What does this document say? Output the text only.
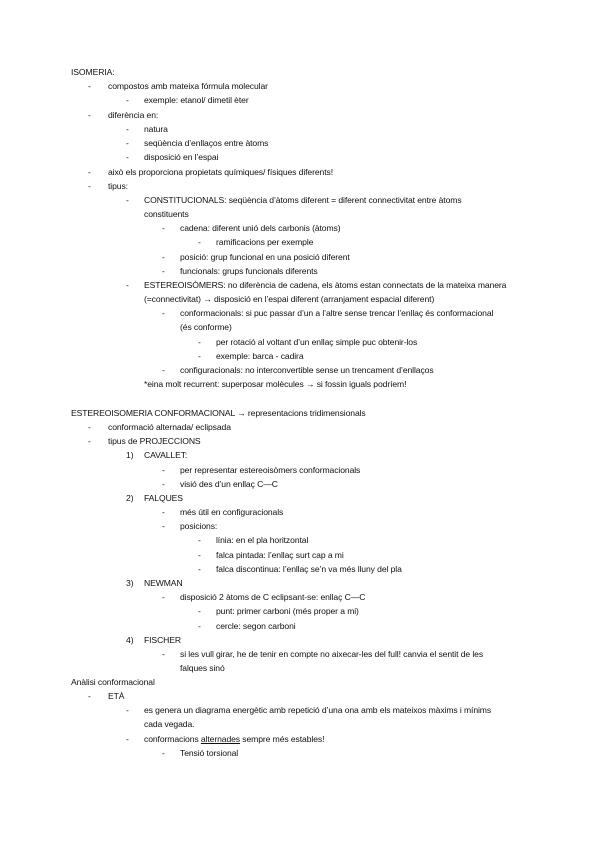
ISOMERIA:
- compostos amb mateixa fórmula molecular
- exemple: etanol/ dimetil èter
- diferència en:
- natura
- seqüència d’enllaços entre àtoms
- disposició en l’espai
- això els proporciona propietats químiques/ físiques diferents!
- tipus:
- CONSTITUCIONALS: seqüència d’àtoms diferent = diferent connectivitat entre àtoms
constituents
- cadena: diferent unió dels carbonis (àtoms)
- ramificacions per exemple
- posició: grup funcional en una posició diferent
- funcionals: grups funcionals diferents
- ESTEREOISÒMERS: no diferència de cadena, els àtoms estan connectats de la mateixa manera
(=connectivitat) → disposició en l’espai diferent (arranjament espacial diferent)
- conformacionals: si puc passar d’un a l’altre sense trencar l’enllaç és conformacional
(és conforme)
- per rotació al voltant d’un enllaç simple puc obtenir-los
- exemple: barca - cadira
- configuracionals: no interconvertible sense un trencament d’enllaços
*eina molt recurrent: superposar molècules → si fossin iguals podríem!
ESTEREOISOMERIA CONFORMACIONAL → representacions tridimensionals
- conformació alternada/ eclipsada
- tipus de PROJECCIONS
1) CAVALLET:
- per representar estereoisòmers conformacionals
- visió des d’un enllaç C—C
2) FALQUES
- més útil en configuracionals
- posicions:
- línia: en el pla horitzontal
- falca pintada: l’enllaç surt cap a mi
- falca discontinua: l’enllaç se’n va més lluny del pla
3) NEWMAN
- disposició 2 àtoms de C eclipsant-se: enllaç C—C
- punt: primer carboni (més proper a mi)
- cercle: segon carboni
4) FISCHER
- si les vull girar, he de tenir en compte no aixecar-les del full! canvia el sentit de les
falques sinó
Anàlisi conformacional
- ETÀ
- es genera un diagrama energètic amb repetició d’una ona amb els mateixos màxims i mínims
cada vegada.
- conformacions alternades sempre més estables!
- Tensió torsional
